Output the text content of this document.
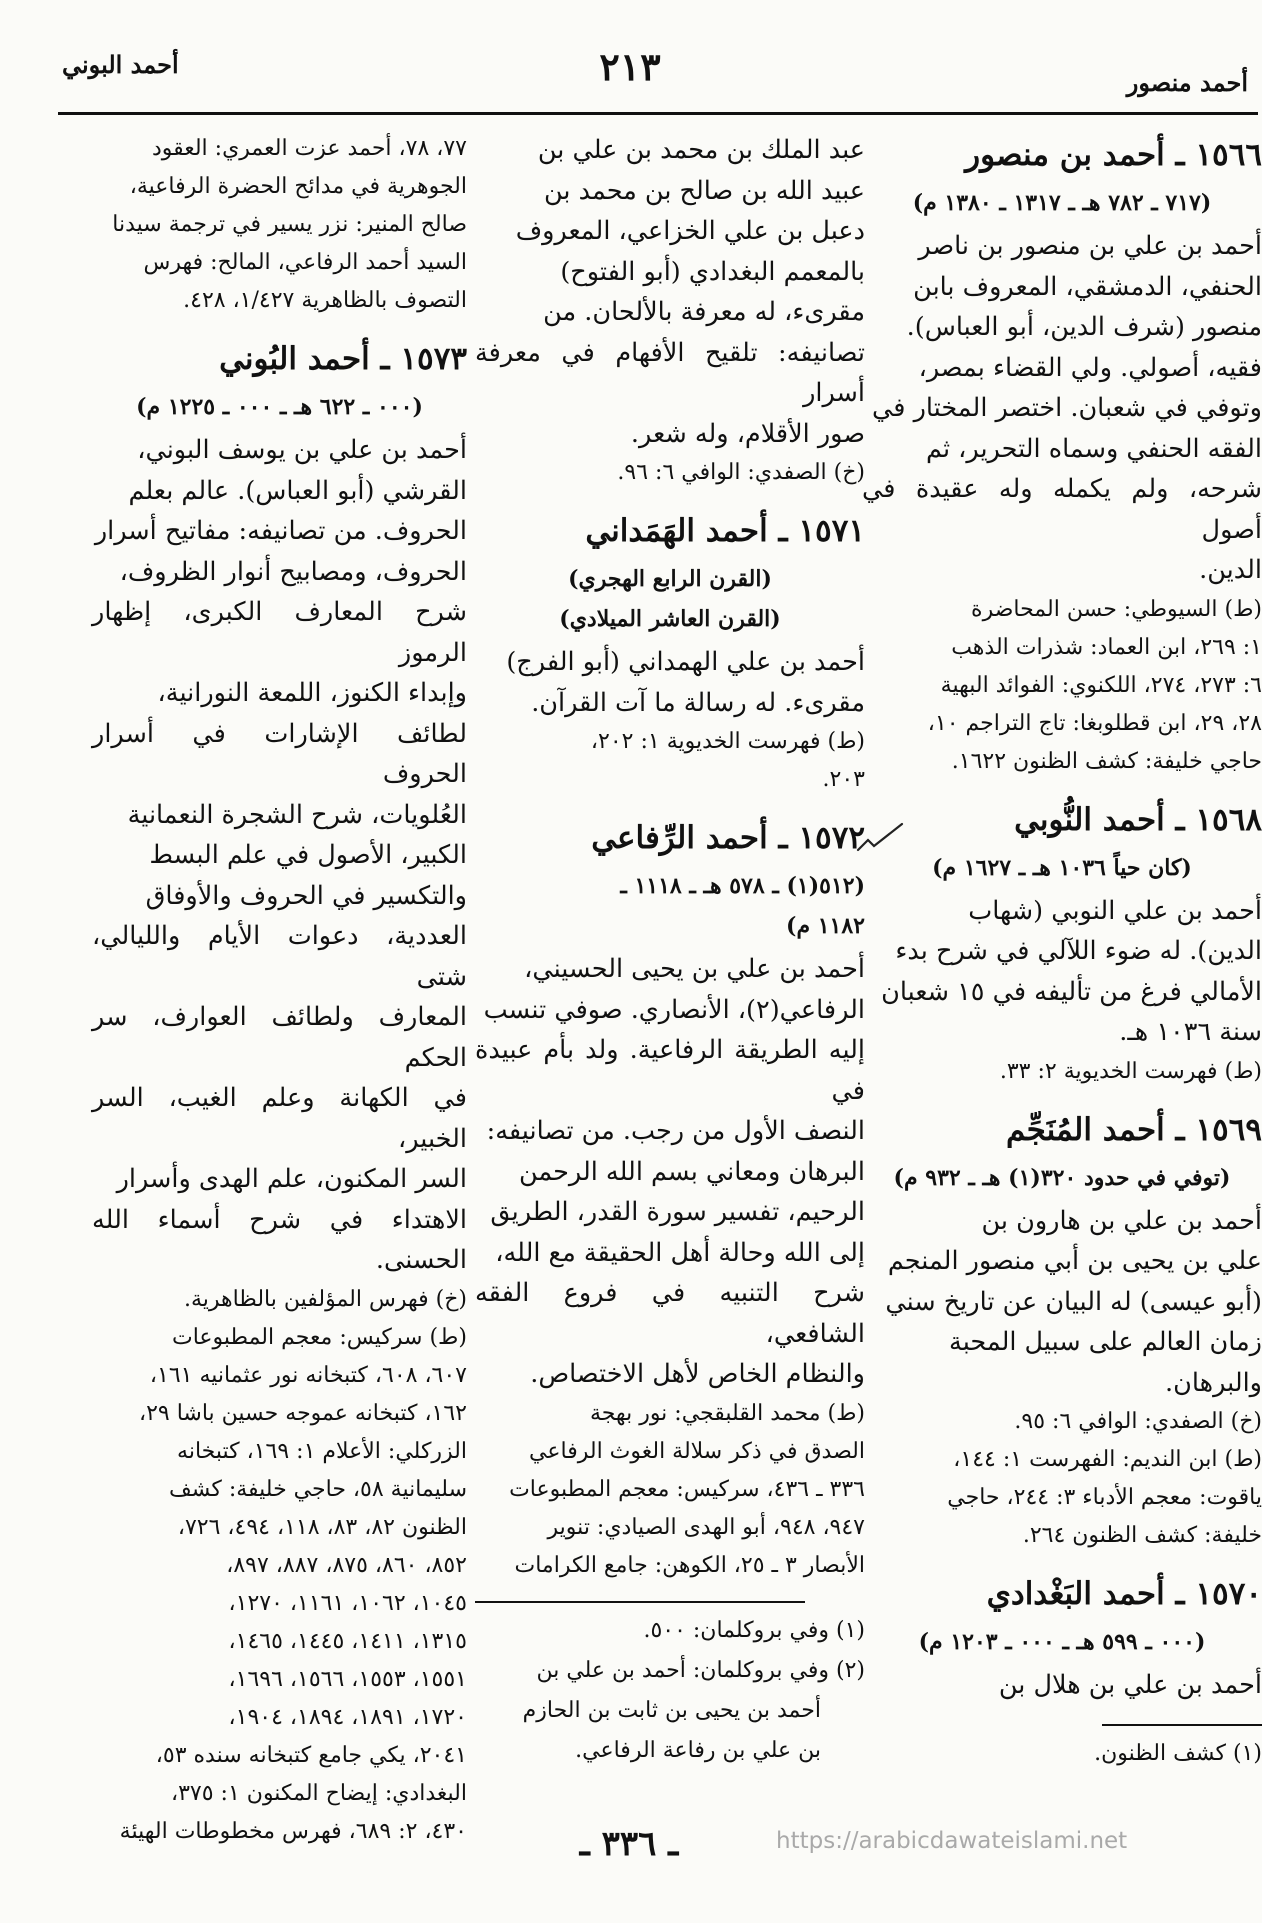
أحمد البوني	٢١٣	أحمد منصور
١٥٦٦ ـ أحمد بن منصور
(٧١٧ ـ ٧٨٢ هـ ـ ١٣١٧ ـ ١٣٨٠ م)

أحمد بن علي بن منصور بن ناصر

الحنفي، الدمشقي، المعروف بابن

منصور (شرف الدين، أبو العباس).

فقيه، أصولي. ولي القضاء بمصر،

وتوفي في شعبان. اختصر المختار في

الفقه الحنفي وسماه التحرير، ثم

شرحه، ولم يكمله وله عقيدة في أصول

الدين.

(ط) السيوطي: حسن المحاضرة

١: ٢٦٩، ابن العماد: شذرات الذهب

٦: ٢٧٣، ٢٧٤، اللكنوي: الفوائد البهية

٢٨، ٢٩، ابن قطلوبغا: تاج التراجم ١٠،

حاجي خليفة: كشف الظنون ١٦٢٢.

١٥٦٨ ـ أحمد النُّوبي
(كان حياً ١٠٣٦ هـ ـ ١٦٢٧ م)

أحمد بن علي النوبي (شهاب

الدين). له ضوء اللآلي في شرح بدء

الأمالي فرغ من تأليفه في ١٥ شعبان

سنة ١٠٣٦ هـ.

(ط) فهرست الخديوية ٢: ٣٣.

١٥٦٩ ـ أحمد المُنَجِّم
(توفي في حدود ٣٢٠(١) هـ ـ ٩٣٢ م)

أحمد بن علي بن هارون بن

علي بن يحيى بن أبي منصور المنجم

(أبو عيسى) له البيان عن تاريخ سني

زمان العالم على سبيل المحبة

والبرهان.

(خ) الصفدي: الوافي ٦: ٩٥.

(ط) ابن النديم: الفهرست ١: ١٤٤،

ياقوت: معجم الأدباء ٣: ٢٤٤، حاجي

خليفة: كشف الظنون ٢٦٤.

١٥٧٠ ـ أحمد البَغْدادي
(٠٠٠ ـ ٥٩٩ هـ ـ ٠٠٠ ـ ١٢٠٣ م)

أحمد بن علي بن هلال بن

(١) كشف الظنون.

عبد الملك بن محمد بن علي بن

عبيد الله بن صالح بن محمد بن

دعبل بن علي الخزاعي، المعروف

بالمعمم البغدادي (أبو الفتوح)

مقرىء، له معرفة بالألحان. من

تصانيفه: تلقيح الأفهام في معرفة أسرار

صور الأقلام، وله شعر.

(خ) الصفدي: الوافي ٦: ٩٦.

١٥٧١ ـ أحمد الهَمَداني
(القرن الرابع الهجري)
(القرن العاشر الميلادي)

أحمد بن علي الهمداني (أبو الفرج)

مقرىء. له رسالة ما آت القرآن.

(ط) فهرست الخديوية ١: ٢٠٢،

٢٠٣.

١٥٧٢ ـ أحمد الرِّفاعي
(٥١٢(١) ـ ٥٧٨ هـ ـ ١١١٨ ـ
١١٨٢ م)

أحمد بن علي بن يحيى الحسيني،

الرفاعي(٢)، الأنصاري. صوفي تنسب

إليه الطريقة الرفاعية. ولد بأم عبيدة في

النصف الأول من رجب. من تصانيفه:

البرهان ومعاني بسم الله الرحمن

الرحيم، تفسير سورة القدر، الطريق

إلى الله وحالة أهل الحقيقة مع الله،

شرح التنبيه في فروع الفقه الشافعي،

والنظام الخاص لأهل الاختصاص.

(ط) محمد القلبقجي: نور بهجة

الصدق في ذكر سلالة الغوث الرفاعي

٣٣٦ ـ ٤٣٦، سركيس: معجم المطبوعات

٩٤٧، ٩٤٨، أبو الهدى الصيادي: تنوير

الأبصار ٣ ـ ٢٥، الكوهن: جامع الكرامات

(١) وفي بروكلمان: ٥٠٠.

(٢) وفي بروكلمان: أحمد بن علي بن

أحمد بن يحيى بن ثابت بن الحازم

بن علي بن رفاعة الرفاعي.

٧٧، ٧٨، أحمد عزت العمري: العقود

الجوهرية في مدائح الحضرة الرفاعية،

صالح المنير: نزر يسير في ترجمة سيدنا

السيد أحمد الرفاعي، المالح: فهرس

التصوف بالظاهرية ١/٤٢٧، ٤٢٨.

١٥٧٣ ـ أحمد البُوني
(٠٠٠ ـ ٦٢٢ هـ ـ ٠٠٠ ـ ١٢٢٥ م)

أحمد بن علي بن يوسف البوني،

القرشي (أبو العباس). عالم بعلم

الحروف. من تصانيفه: مفاتيح أسرار

الحروف، ومصابيح أنوار الظروف،

شرح المعارف الكبرى، إظهار الرموز

وإبداء الكنوز، اللمعة النورانية،

لطائف الإشارات في أسرار الحروف

العُلويات، شرح الشجرة النعمانية

الكبير، الأصول في علم البسط

والتكسير في الحروف والأوفاق

العددية، دعوات الأيام والليالي، شتى

المعارف ولطائف العوارف، سر الحكم

في الكهانة وعلم الغيب، السر الخبير،

السر المكنون، علم الهدى وأسرار

الاهتداء في شرح أسماء الله الحسنى.

(خ) فهرس المؤلفين بالظاهرية.

(ط) سركيس: معجم المطبوعات

٦٠٧، ٦٠٨، كتبخانه نور عثمانيه ١٦١،

١٦٢، كتبخانه عموجه حسين باشا ٢٩،

الزركلي: الأعلام ١: ١٦٩، كتبخانه

سليمانية ٥٨، حاجي خليفة: كشف

الظنون ٨٢، ٨٣، ١١٨، ٤٩٤، ٧٢٦،

٨٥٢، ٨٦٠، ٨٧٥، ٨٨٧، ٨٩٧،

١٠٤٥، ١٠٦٢، ١١٦١، ١٢٧٠،

١٣١٥، ١٤١١، ١٤٤٥، ١٤٦٥،

١٥٥١، ١٥٥٣، ١٥٦٦، ١٦٩٦،

١٧٢٠، ١٨٩١، ١٨٩٤، ١٩٠٤،

٢٠٤١، يكي جامع كتبخانه سنده ٥٣،

البغدادي: إيضاح المكنون ١: ٣٧٥،

٤٣٠، ٢: ٦٨٩، فهرس مخطوطات الهيئة	ـ ٣٣٦ ـ	https://arabicdawateislami.net
